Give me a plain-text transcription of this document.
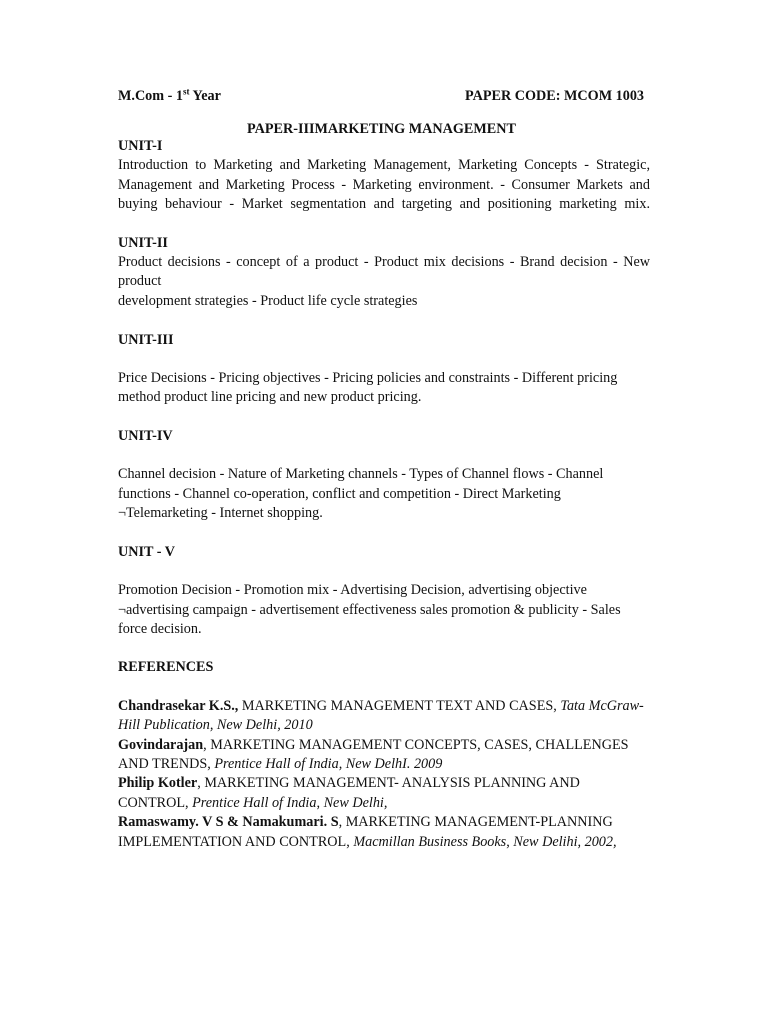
M.Com - 1st Year	PAPER CODE: MCOM 1003
PAPER-IIIMARKETING MANAGEMENT
UNIT-I
Introduction to Marketing and Marketing Management, Marketing Concepts - Strategic,
Management and Marketing Process - Marketing environment. - Consumer Markets and
buying behaviour - Market segmentation and targeting and positioning marketing mix.
UNIT-II
Product decisions - concept of a product - Product mix decisions - Brand decision - New
product
development strategies - Product life cycle strategies
UNIT-III
Price Decisions - Pricing objectives - Pricing policies and constraints - Different pricing
method product line pricing and new product pricing.
UNIT-IV
Channel decision - Nature of Marketing channels - Types of Channel flows - Channel
functions - Channel co-operation, conflict and competition - Direct Marketing
¬Telemarketing - Internet shopping.
UNIT - V
Promotion Decision - Promotion mix - Advertising Decision, advertising objective
¬advertising campaign - advertisement effectiveness sales promotion & publicity - Sales
force decision.
REFERENCES
Chandrasekar K.S., MARKETING MANAGEMENT TEXT AND CASES, Tata McGraw-
Hill Publication, New Delhi, 2010
Govindarajan, MARKETING MANAGEMENT CONCEPTS, CASES, CHALLENGES
AND TRENDS, Prentice Hall of India, New DelhI. 2009
Philip Kotler, MARKETING MANAGEMENT- ANALYSIS PLANNING AND
CONTROL, Prentice Hall of India, New Delhi,
Ramaswamy. V S & Namakumari. S, MARKETING MANAGEMENT-PLANNING
IMPLEMENTATION AND CONTROL, Macmillan Business Books, New Delihi, 2002,
